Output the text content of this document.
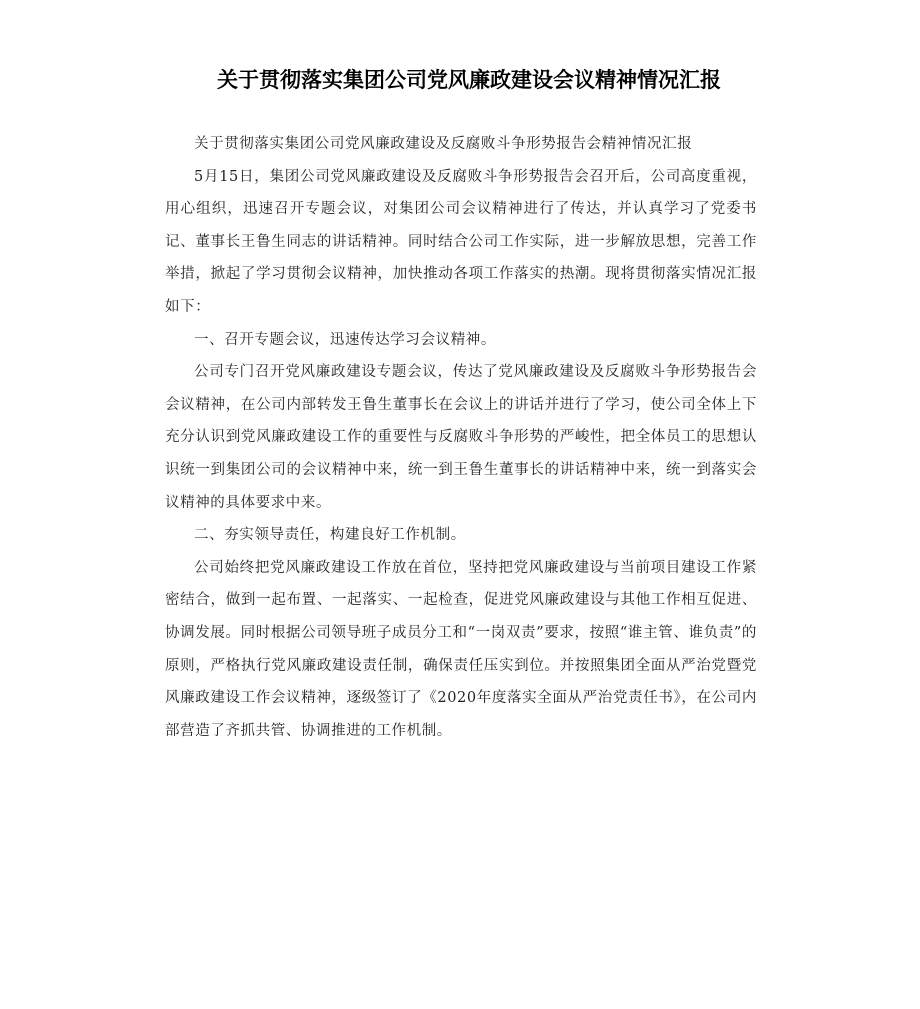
关于贯彻落实集团公司党风廉政建设会议精神情况汇报

关于贯彻落实集团公司党风廉政建设及反腐败斗争形势报告会精神情况汇报

5月15日，集团公司党风廉政建设及反腐败斗争形势报告会召开后，公司高度重视，用心组织，迅速召开专题会议，对集团公司会议精神进行了传达，并认真学习了党委书记、董事长王鲁生同志的讲话精神。同时结合公司工作实际，进一步解放思想，完善工作举措，掀起了学习贯彻会议精神，加快推动各项工作落实的热潮。现将贯彻落实情况汇报如下：

一、召开专题会议，迅速传达学习会议精神。

公司专门召开党风廉政建设专题会议，传达了党风廉政建设及反腐败斗争形势报告会会议精神，在公司内部转发王鲁生董事长在会议上的讲话并进行了学习，使公司全体上下充分认识到党风廉政建设工作的重要性与反腐败斗争形势的严峻性，把全体员工的思想认识统一到集团公司的会议精神中来，统一到王鲁生董事长的讲话精神中来，统一到落实会议精神的具体要求中来。

二、夯实领导责任，构建良好工作机制。

公司始终把党风廉政建设工作放在首位，坚持把党风廉政建设与当前项目建设工作紧密结合，做到一起布置、一起落实、一起检查，促进党风廉政建设与其他工作相互促进、协调发展。同时根据公司领导班子成员分工和“一岗双责”要求，按照“谁主管、谁负责”的原则，严格执行党风廉政建设责任制，确保责任压实到位。并按照集团全面从严治党暨党风廉政建设工作会议精神，逐级签订了《2020年度落实全面从严治党责任书》，在公司内部营造了齐抓共管、协调推进的工作机制。
